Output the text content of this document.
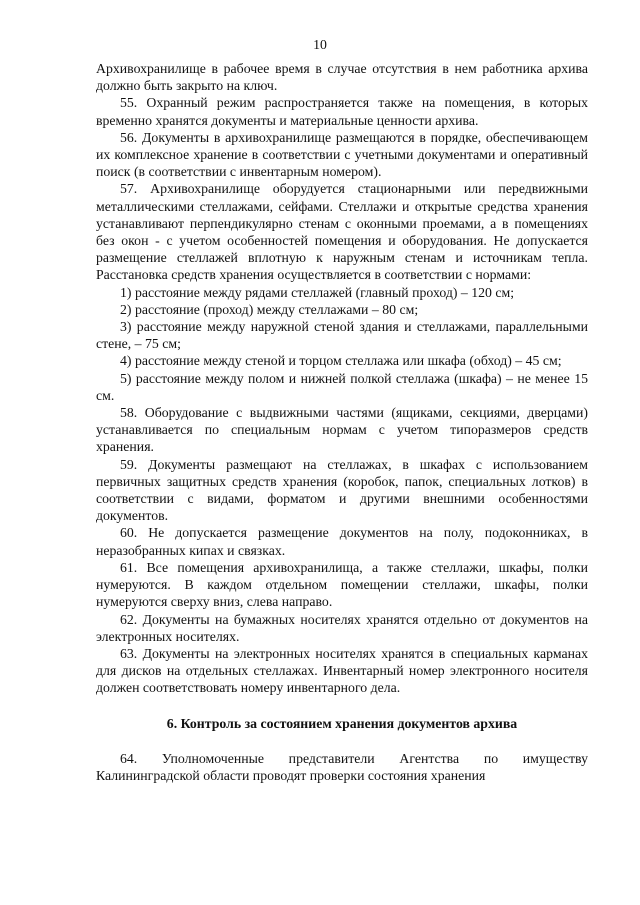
10

Архивохранилище в рабочее время в случае отсутствия в нем работника архива должно быть закрыто на ключ.

55. Охранный режим распространяется также на помещения, в которых временно хранятся документы и материальные ценности архива.

56. Документы в архивохранилище размещаются в порядке, обеспечивающем их комплексное хранение в соответствии с учетными документами и оперативный поиск (в соответствии с инвентарным номером).

57. Архивохранилище оборудуется стационарными или передвижными металлическими стеллажами, сейфами. Стеллажи и открытые средства хранения устанавливают перпендикулярно стенам с оконными проемами, а в помещениях без окон - с учетом особенностей помещения и оборудования. Не допускается размещение стеллажей вплотную к наружным стенам и источникам тепла. Расстановка средств хранения осуществляется в соответствии с нормами:

1) расстояние между рядами стеллажей (главный проход) – 120 см;

2) расстояние (проход) между стеллажами – 80 см;

3) расстояние между наружной стеной здания и стеллажами, параллельными стене, – 75 см;

4) расстояние между стеной и торцом стеллажа или шкафа (обход) – 45 см;

5) расстояние между полом и нижней полкой стеллажа (шкафа) – не менее 15 см.

58. Оборудование с выдвижными частями (ящиками, секциями, дверцами) устанавливается по специальным нормам с учетом типоразмеров средств хранения.

59. Документы размещают на стеллажах, в шкафах с использованием первичных защитных средств хранения (коробок, папок, специальных лотков) в соответствии с видами, форматом и другими внешними особенностями документов.

60. Не допускается размещение документов на полу, подоконниках, в неразобранных кипах и связках.

61. Все помещения архивохранилища, а также стеллажи, шкафы, полки нумеруются. В каждом отдельном помещении стеллажи, шкафы, полки нумеруются сверху вниз, слева направо.

62. Документы на бумажных носителях хранятся отдельно от документов на электронных носителях.

63. Документы на электронных носителях хранятся в специальных карманах для дисков на отдельных стеллажах. Инвентарный номер электронного носителя должен соответствовать номеру инвентарного дела.

6. Контроль за состоянием хранения документов архива

64. Уполномоченные представители Агентства по имуществу Калининградской области проводят проверки состояния хранения
